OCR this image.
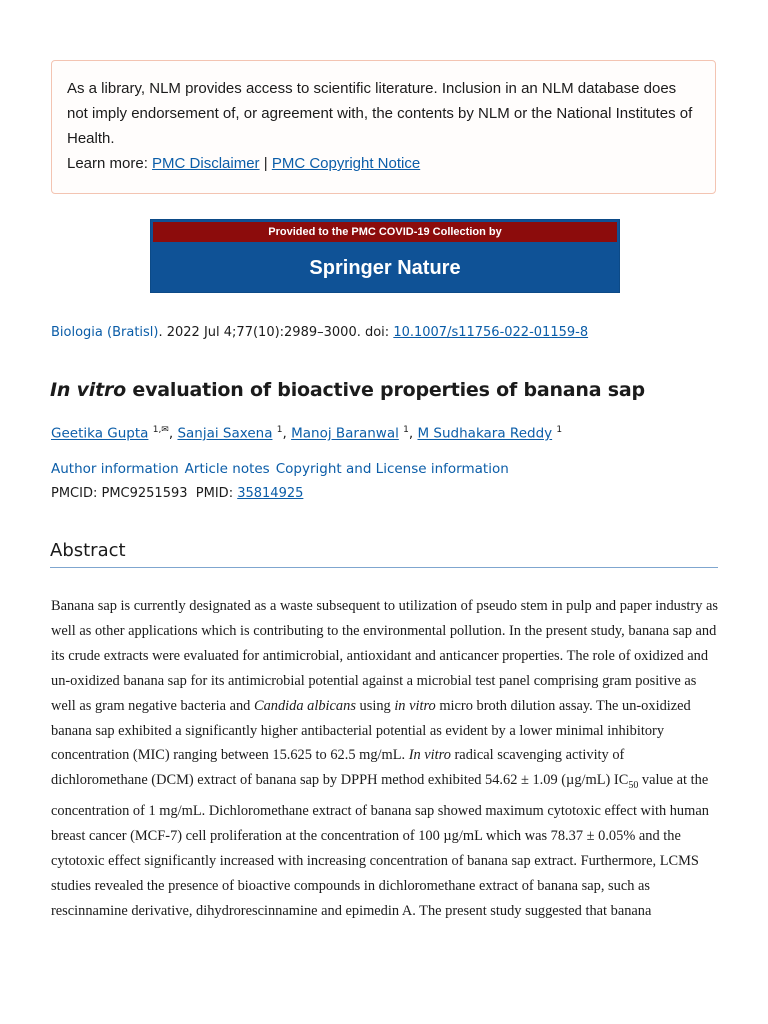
As a library, NLM provides access to scientific literature. Inclusion in an NLM database does not imply endorsement of, or agreement with, the contents by NLM or the National Institutes of Health.

Learn more: PMC Disclaimer | PMC Copyright Notice

Provided to the PMC COVID-19 Collection by
Springer Nature
Biologia (Bratisl). 2022 Jul 4;77(10):2989–3000. doi: 10.1007/s11756-022-01159-8
In vitro evaluation of bioactive properties of banana sap
Geetika Gupta $^{1,✉}$, Sanjai Saxena $^1$, Manoj Baranwal $^1$, M Sudhakara Reddy $^1$
Author information Article notes Copyright and License information
PMCID: PMC9251593 PMID: 35814925
Abstract

Banana sap is currently designated as a waste subsequent to utilization of pseudo stem in pulp and paper industry as well as other applications which is contributing to the environmental pollution. In the present study, banana sap and its crude extracts were evaluated for antimicrobial, antioxidant and anticancer properties. The role of oxidized and un-oxidized banana sap for its antimicrobial potential against a microbial test panel comprising gram positive as well as gram negative bacteria and Candida albicans using in vitro micro broth dilution assay. The un-oxidized banana sap exhibited a significantly higher antibacterial potential as evident by a lower minimal inhibitory concentration (MIC) ranging between 15.625 to 62.5 mg/mL. In vitro radical scavenging activity of dichloromethane (DCM) extract of banana sap by DPPH method exhibited 54.62 ± 1.09 (µg/mL) $IC_{50}$ value at the concentration of 1 mg/mL. Dichloromethane extract of banana sap showed maximum cytotoxic effect with human breast cancer (MCF-7) cell proliferation at the concentration of 100 µg/mL which was 78.37 ± 0.05% and the cytotoxic effect significantly increased with increasing concentration of banana sap extract. Furthermore, LCMS studies revealed the presence of bioactive compounds in dichloromethane extract of banana sap, such as rescinnamine derivative, dihydrorescinnamine and epimedin A. The present study suggested that banana
